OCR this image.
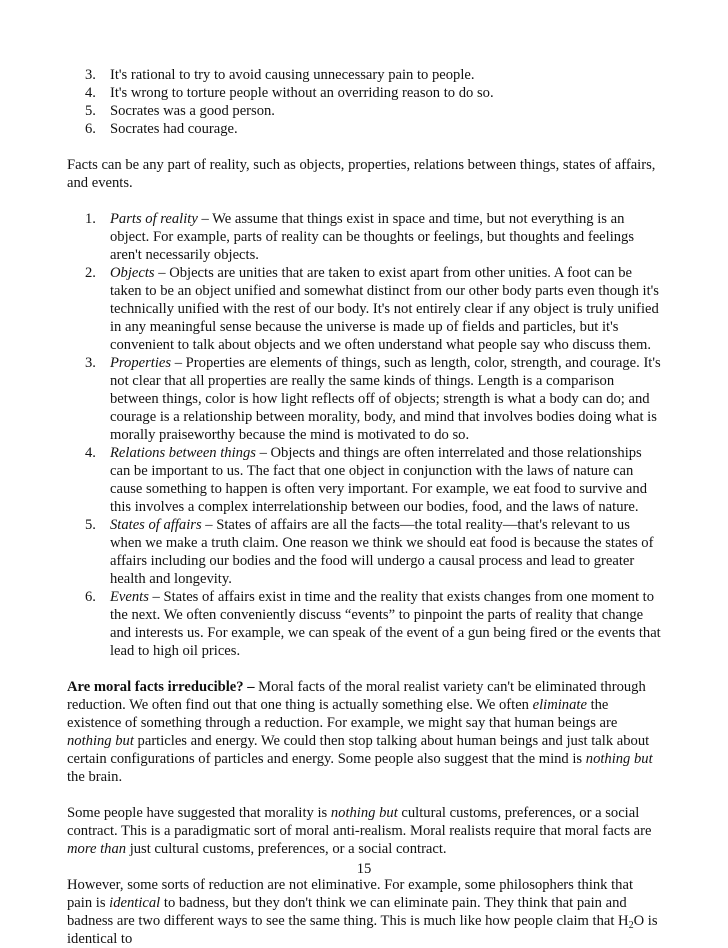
3. It's rational to try to avoid causing unnecessary pain to people.
4. It's wrong to torture people without an overriding reason to do so.
5. Socrates was a good person.
6. Socrates had courage.

Facts can be any part of reality, such as objects, properties, relations between things, states of affairs, and events.

1. Parts of reality – We assume that things exist in space and time, but not everything is an object. For example, parts of reality can be thoughts or feelings, but thoughts and feelings aren't necessarily objects.
2. Objects – Objects are unities that are taken to exist apart from other unities. A foot can be taken to be an object unified and somewhat distinct from our other body parts even though it's technically unified with the rest of our body. It's not entirely clear if any object is truly unified in any meaningful sense because the universe is made up of fields and particles, but it's convenient to talk about objects and we often understand what people say who discuss them.
3. Properties – Properties are elements of things, such as length, color, strength, and courage. It's not clear that all properties are really the same kinds of things. Length is a comparison between things, color is how light reflects off of objects; strength is what a body can do; and courage is a relationship between morality, body, and mind that involves bodies doing what is morally praiseworthy because the mind is motivated to do so.
4. Relations between things – Objects and things are often interrelated and those relationships can be important to us. The fact that one object in conjunction with the laws of nature can cause something to happen is often very important. For example, we eat food to survive and this involves a complex interrelationship between our bodies, food, and the laws of nature.
5. States of affairs – States of affairs are all the facts—the total reality—that's relevant to us when we make a truth claim. One reason we think we should eat food is because the states of affairs including our bodies and the food will undergo a causal process and lead to greater health and longevity.
6. Events – States of affairs exist in time and the reality that exists changes from one moment to the next. We often conveniently discuss “events” to pinpoint the parts of reality that change and interests us. For example, we can speak of the event of a gun being fired or the events that lead to high oil prices.

Are moral facts irreducible? – Moral facts of the moral realist variety can't be eliminated through reduction. We often find out that one thing is actually something else. We often eliminate the existence of something through a reduction. For example, we might say that human beings are nothing but particles and energy. We could then stop talking about human beings and just talk about certain configurations of particles and energy. Some people also suggest that the mind is nothing but the brain.

Some people have suggested that morality is nothing but cultural customs, preferences, or a social contract. This is a paradigmatic sort of moral anti-realism. Moral realists require that moral facts are more than just cultural customs, preferences, or a social contract.

However, some sorts of reduction are not eliminative. For example, some philosophers think that pain is identical to badness, but they don't think we can eliminate pain. They think that pain and badness are two different ways to see the same thing. This is much like how people claim that $H_2O$ is identical to

15
